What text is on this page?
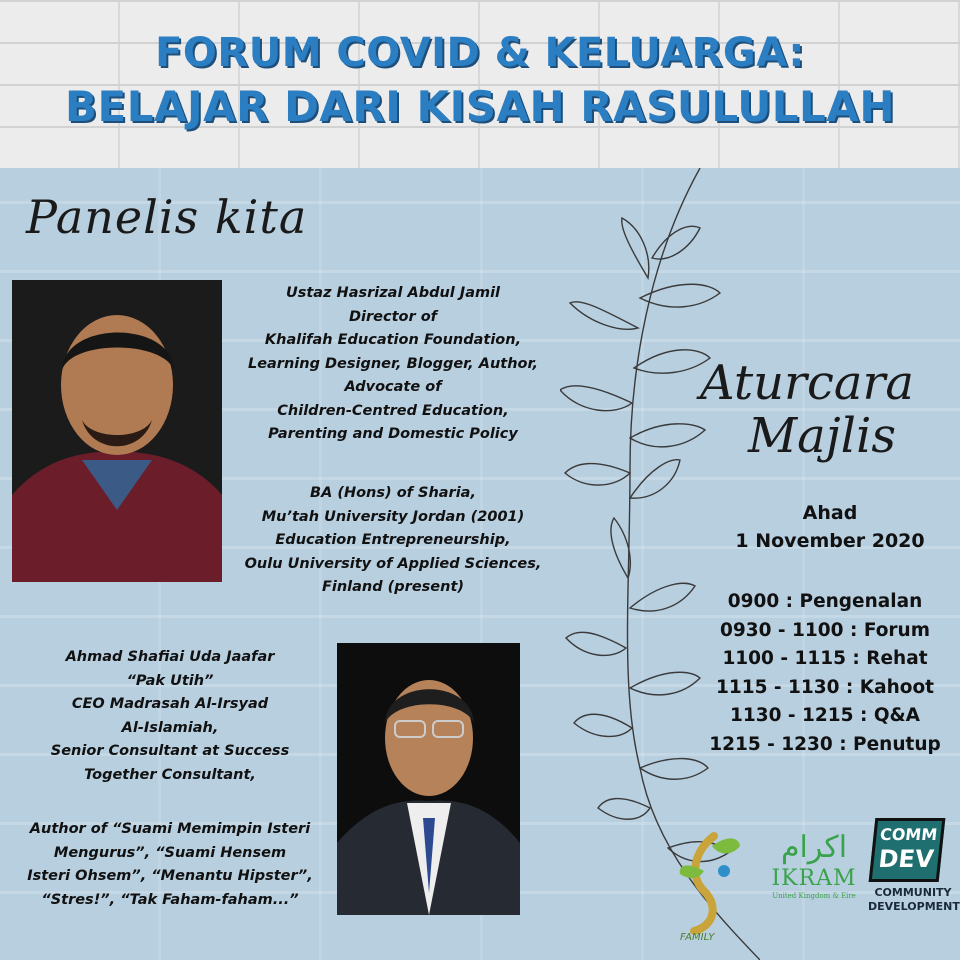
FORUM COVID & KELUARGA:
BELAJAR DARI KISAH RASULULLAH
Panelis kita
Ustaz Hasrizal Abdul Jamil
Director of
Khalifah Education Foundation,
Learning Designer, Blogger, Author,
Advocate of
Children-Centred Education,
Parenting and Domestic Policy
BA (Hons) of Sharia,
Mu’tah University Jordan (2001)
Education Entrepreneurship,
Oulu University of Applied Sciences,
Finland (present)
Ahmad Shafiai Uda Jaafar
“Pak Utih”
CEO Madrasah Al-Irsyad
Al-Islamiah,
Senior Consultant at Success
Together Consultant,
Author of “Suami Memimpin Isteri
Mengurus”, “Suami Hensem
Isteri Ohsem”, “Menantu Hipster”,
“Stres!”, “Tak Faham-faham...”
Aturcara
Majlis
Ahad
1 November 2020
0900 : Pengenalan
0930 - 1100 : Forum
1100 - 1115 : Rehat
1115 - 1130 : Kahoot
1130 - 1215 : Q&A
1215 - 1230 : Penutup
FAMILY
اكرام
IKRAM
United Kingdom & Eire
COMM
DEV
COMMUNITY
DEVELOPMENT
